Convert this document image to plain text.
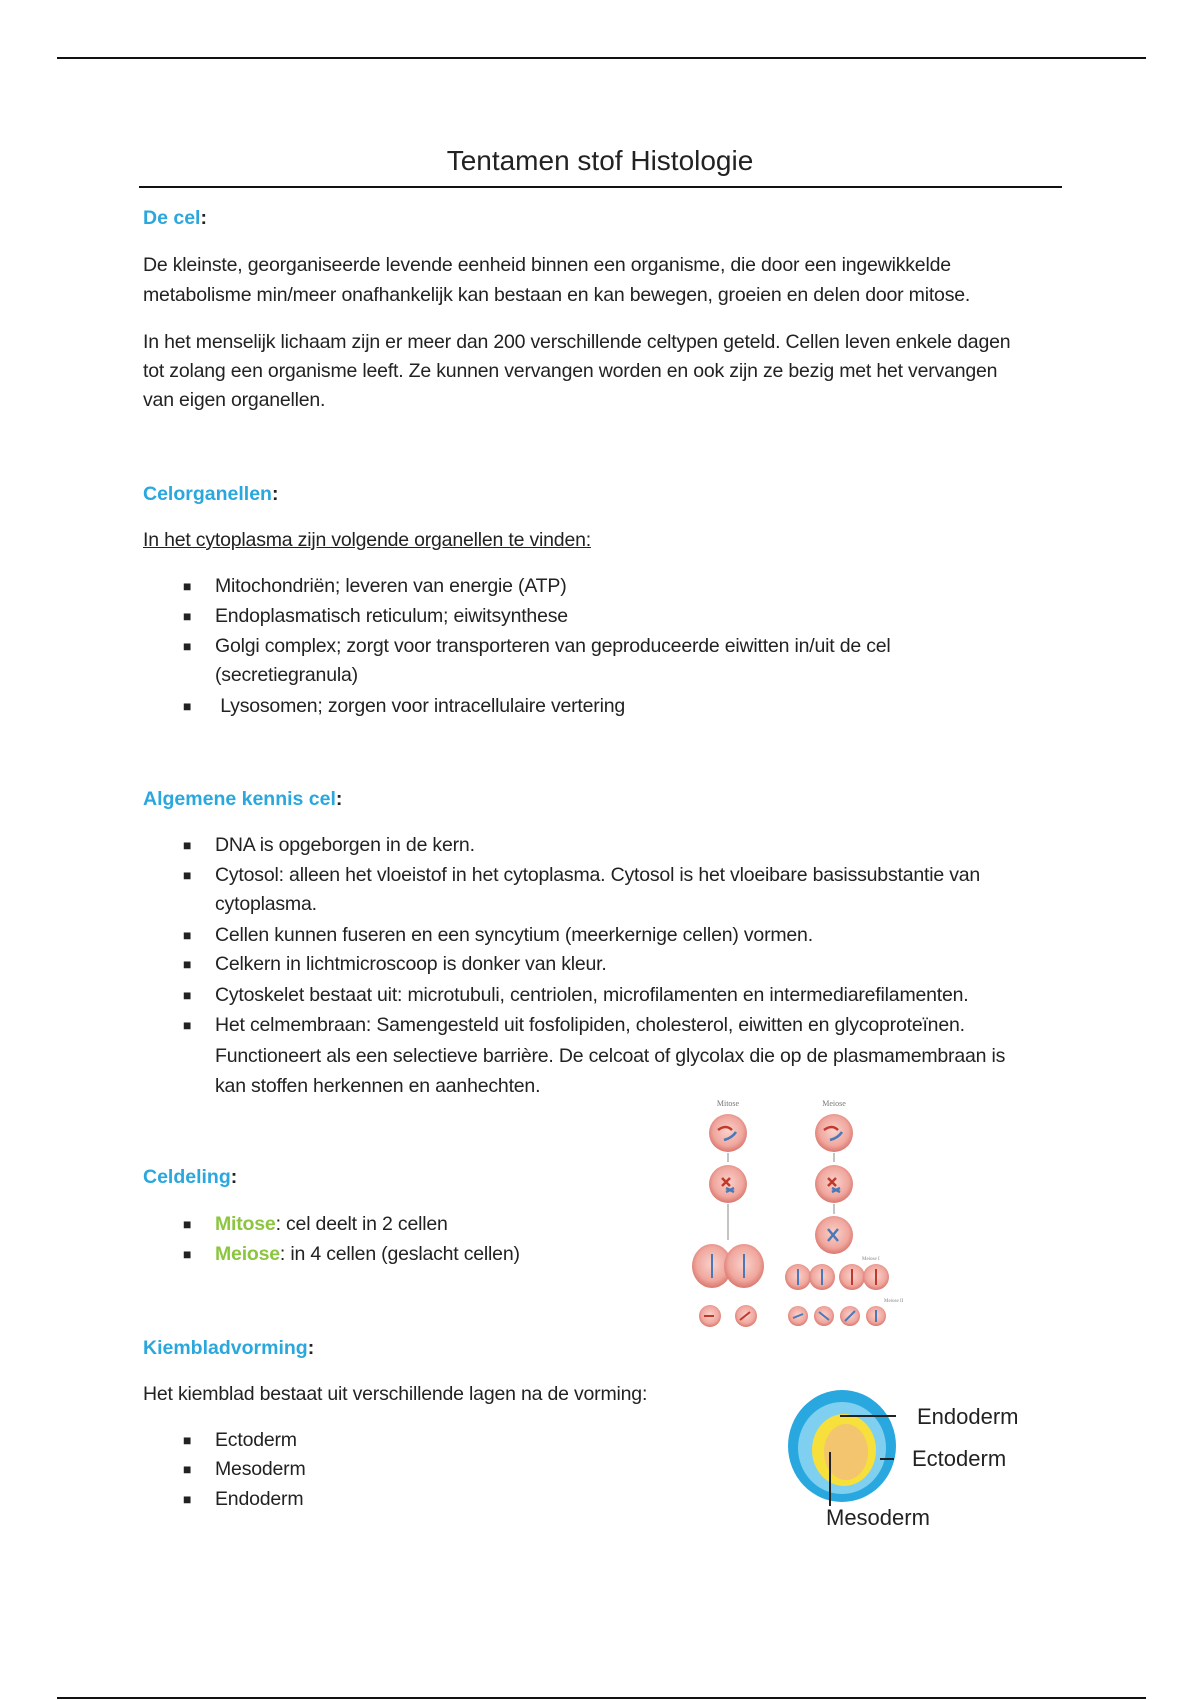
Tentamen stof Histologie
De cel:
De kleinste, georganiseerde levende eenheid binnen een organisme, die door een ingewikkelde
metabolisme min/meer onafhankelijk kan bestaan en kan bewegen, groeien en delen door mitose.
In het menselijk lichaam zijn er meer dan 200 verschillende celtypen geteld. Cellen leven enkele dagen
tot zolang een organisme leeft. Ze kunnen vervangen worden en ook zijn ze bezig met het vervangen
van eigen organellen.
Celorganellen:
In het cytoplasma zijn volgende organellen te vinden:
■ Mitochondriën; leveren van energie (ATP)
■ Endoplasmatisch reticulum; eiwitsynthese
■ Golgi complex; zorgt voor transporteren van geproduceerde eiwitten in/uit de cel
(secretiegranula)
■ Lysosomen; zorgen voor intracellulaire vertering
Algemene kennis cel:
■ DNA is opgeborgen in de kern.
■ Cytosol: alleen het vloeistof in het cytoplasma. Cytosol is het vloeibare basissubstantie van
cytoplasma.
■ Cellen kunnen fuseren en een syncytium (meerkernige cellen) vormen.
■ Celkern in lichtmicroscoop is donker van kleur.
■ Cytoskelet bestaat uit: microtubuli, centriolen, microfilamenten en intermediarefilamenten.
■ Het celmembraan: Samengesteld uit fosfolipiden, cholesterol, eiwitten en glycoproteïnen.
Functioneert als een selectieve barrière. De celcoat of glycolax die op de plasmamembraan is
kan stoffen herkennen en aanhechten.
Celdeling:
■ Mitose: cel deelt in 2 cellen
■ Meiose: in 4 cellen (geslacht cellen)
Mitose	Meiose
Meiose I
Meiose II
Kiembladvorming:
Het kiemblad bestaat uit verschillende lagen na de vorming:
■ Ectoderm
■ Mesoderm
■ Endoderm
Endoderm
Ectoderm
Mesoderm
